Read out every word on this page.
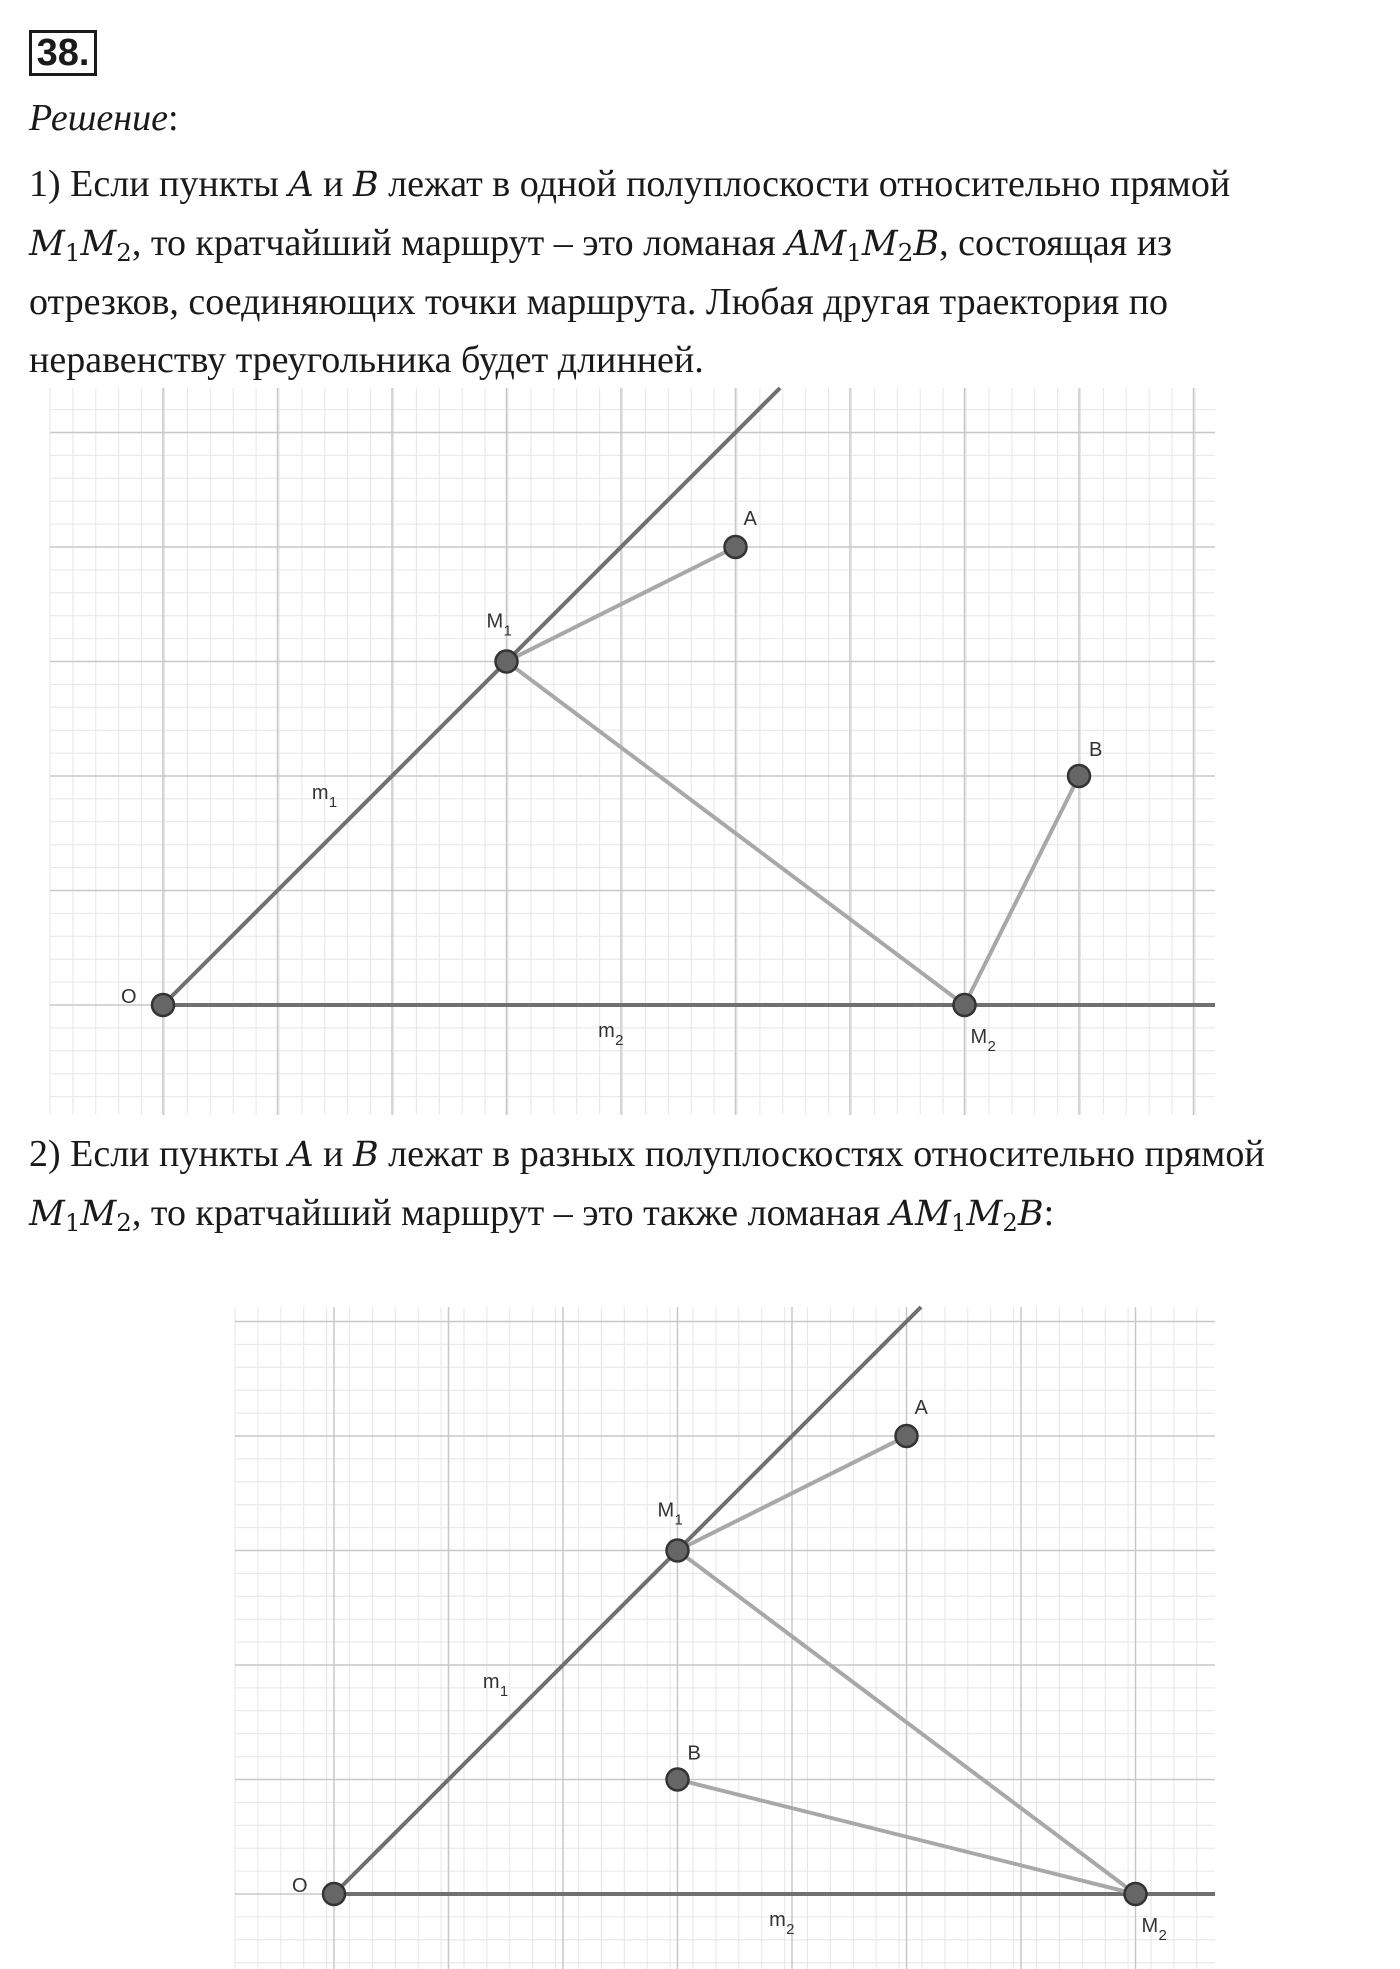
38.
Решение:
1) Если пункты A и B лежат в одной полуплоскости относительно прямой
$M_1M_2$, то кратчайший маршрут – это ломаная $AM_1M_2B$, состоящая из
отрезков, соединяющих точки маршрута. Любая другая траектория по
неравенству треугольника будет длинней.
O
M 1
A
B
M 2
m 1
m 2
2) Если пункты A и B лежат в разных полуплоскостях относительно прямой
$M_1M_2$, то кратчайший маршрут – это также ломаная $AM_1M_2B$:
O
M 1
A
B
M 2
m 1
m 2
